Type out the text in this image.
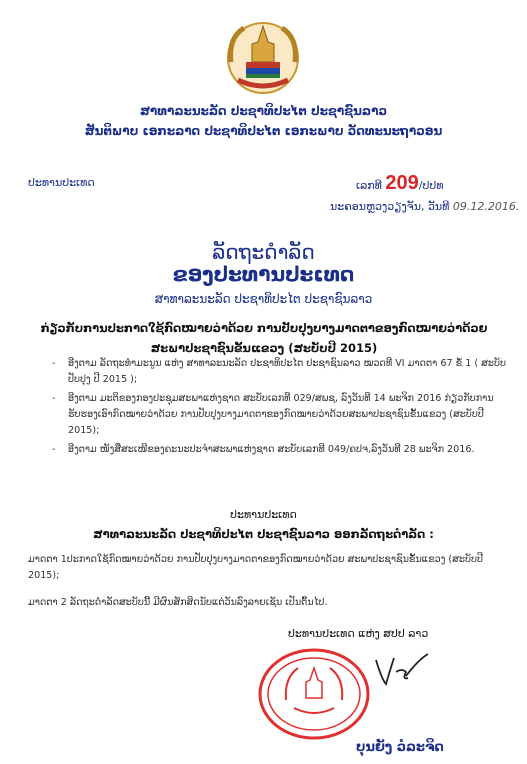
ສາທາລະນະລັດ ປະຊາທິປະໄຕ ປະຊາຊົນລາວ
ສັນຕິພາບ ເອກະລາດ ປະຊາທິປະໄຕ ເອກະພາບ ວັດທະນະຖາວອນ
ປະທານປະເທດ	ເລກທີ 209/ປປທ
ນະຄອນຫຼວງວຽງຈັນ, ວັນທີ 09.12.2016.
ລັດຖະດໍາລັດ
ຂອງປະທານປະເທດ
ສາທາລະນະລັດ ປະຊາທິປະໄຕ ປະຊາຊົນລາວ
ກ່ຽວກັບການປະກາດໃຊ້ກົດໝາຍວ່າດ້ວຍ ການປັບປຸງບາງມາດຕາຂອງກົດໝາຍວ່າດ້ວຍ
ສະພາປະຊາຊົນຂັ້ນແຂວງ (ສະບັບປີ 2015)
- ອີງຕາມ ລັດຖະທໍາມະນູນ ແຫ່ງ ສາທາລະນະລັດ ປະຊາທິປະໄຕ ປະຊາຊົນລາວ ໝວດທີ VI ມາດຕາ 67 ຂໍ້ 1 ( ສະບັບປັບປຸງ ປີ 2015 );
- ອີງຕາມ ມະຕິຂອງກອງປະຊຸມສະພາແຫ່ງຊາດ ສະບັບເລກທີ 029/ສພຊ, ລົງວັນທີ 14 ພະຈິກ 2016 ກ່ຽວກັບການຮັບຮອງເອົາກົດໝາຍວ່າດ້ວຍ ການປັບປຸງບາງມາດຕາຂອງກົດໝາຍວ່າດ້ວຍສະພາປະຊາຊົນຂັ້ນແຂວງ (ສະບັບປີ 2015);
- ອີງຕາມ ໜັງສືສະເໜີຂອງຄະນະປະຈໍາສະພາແຫ່ງຊາດ ສະບັບເລກທີ 049/ຄປຈ,ລົງວັນທີ 28 ພະຈິກ 2016.
ປະທານປະເທດ
ສາທາລະນະລັດ ປະຊາທິປະໄຕ ປະຊາຊົນລາວ ອອກລັດຖະດໍາລັດ :
ມາດຕາ 1ປະກາດໃຊ້ກົດໝາຍວ່າດ້ວຍ ການປັບປຸງບາງມາດຕາຂອງກົດໝາຍວ່າດ້ວຍ ສະພາປະຊາຊົນຂັ້ນແຂວງ (ສະບັບປີ 2015);
ມາດຕາ 2 ລັດຖະດໍາລັດສະບັບນີ້ ມີຜົນສັກສິດນັບແຕ່ວັນລົງລາຍເຊັນ ເປັນຕົ້ນໄປ.
ປະທານປະເທດ ແຫ່ງ ສປປ ລາວ
ບຸນຍັງ ວໍລະຈິດ
